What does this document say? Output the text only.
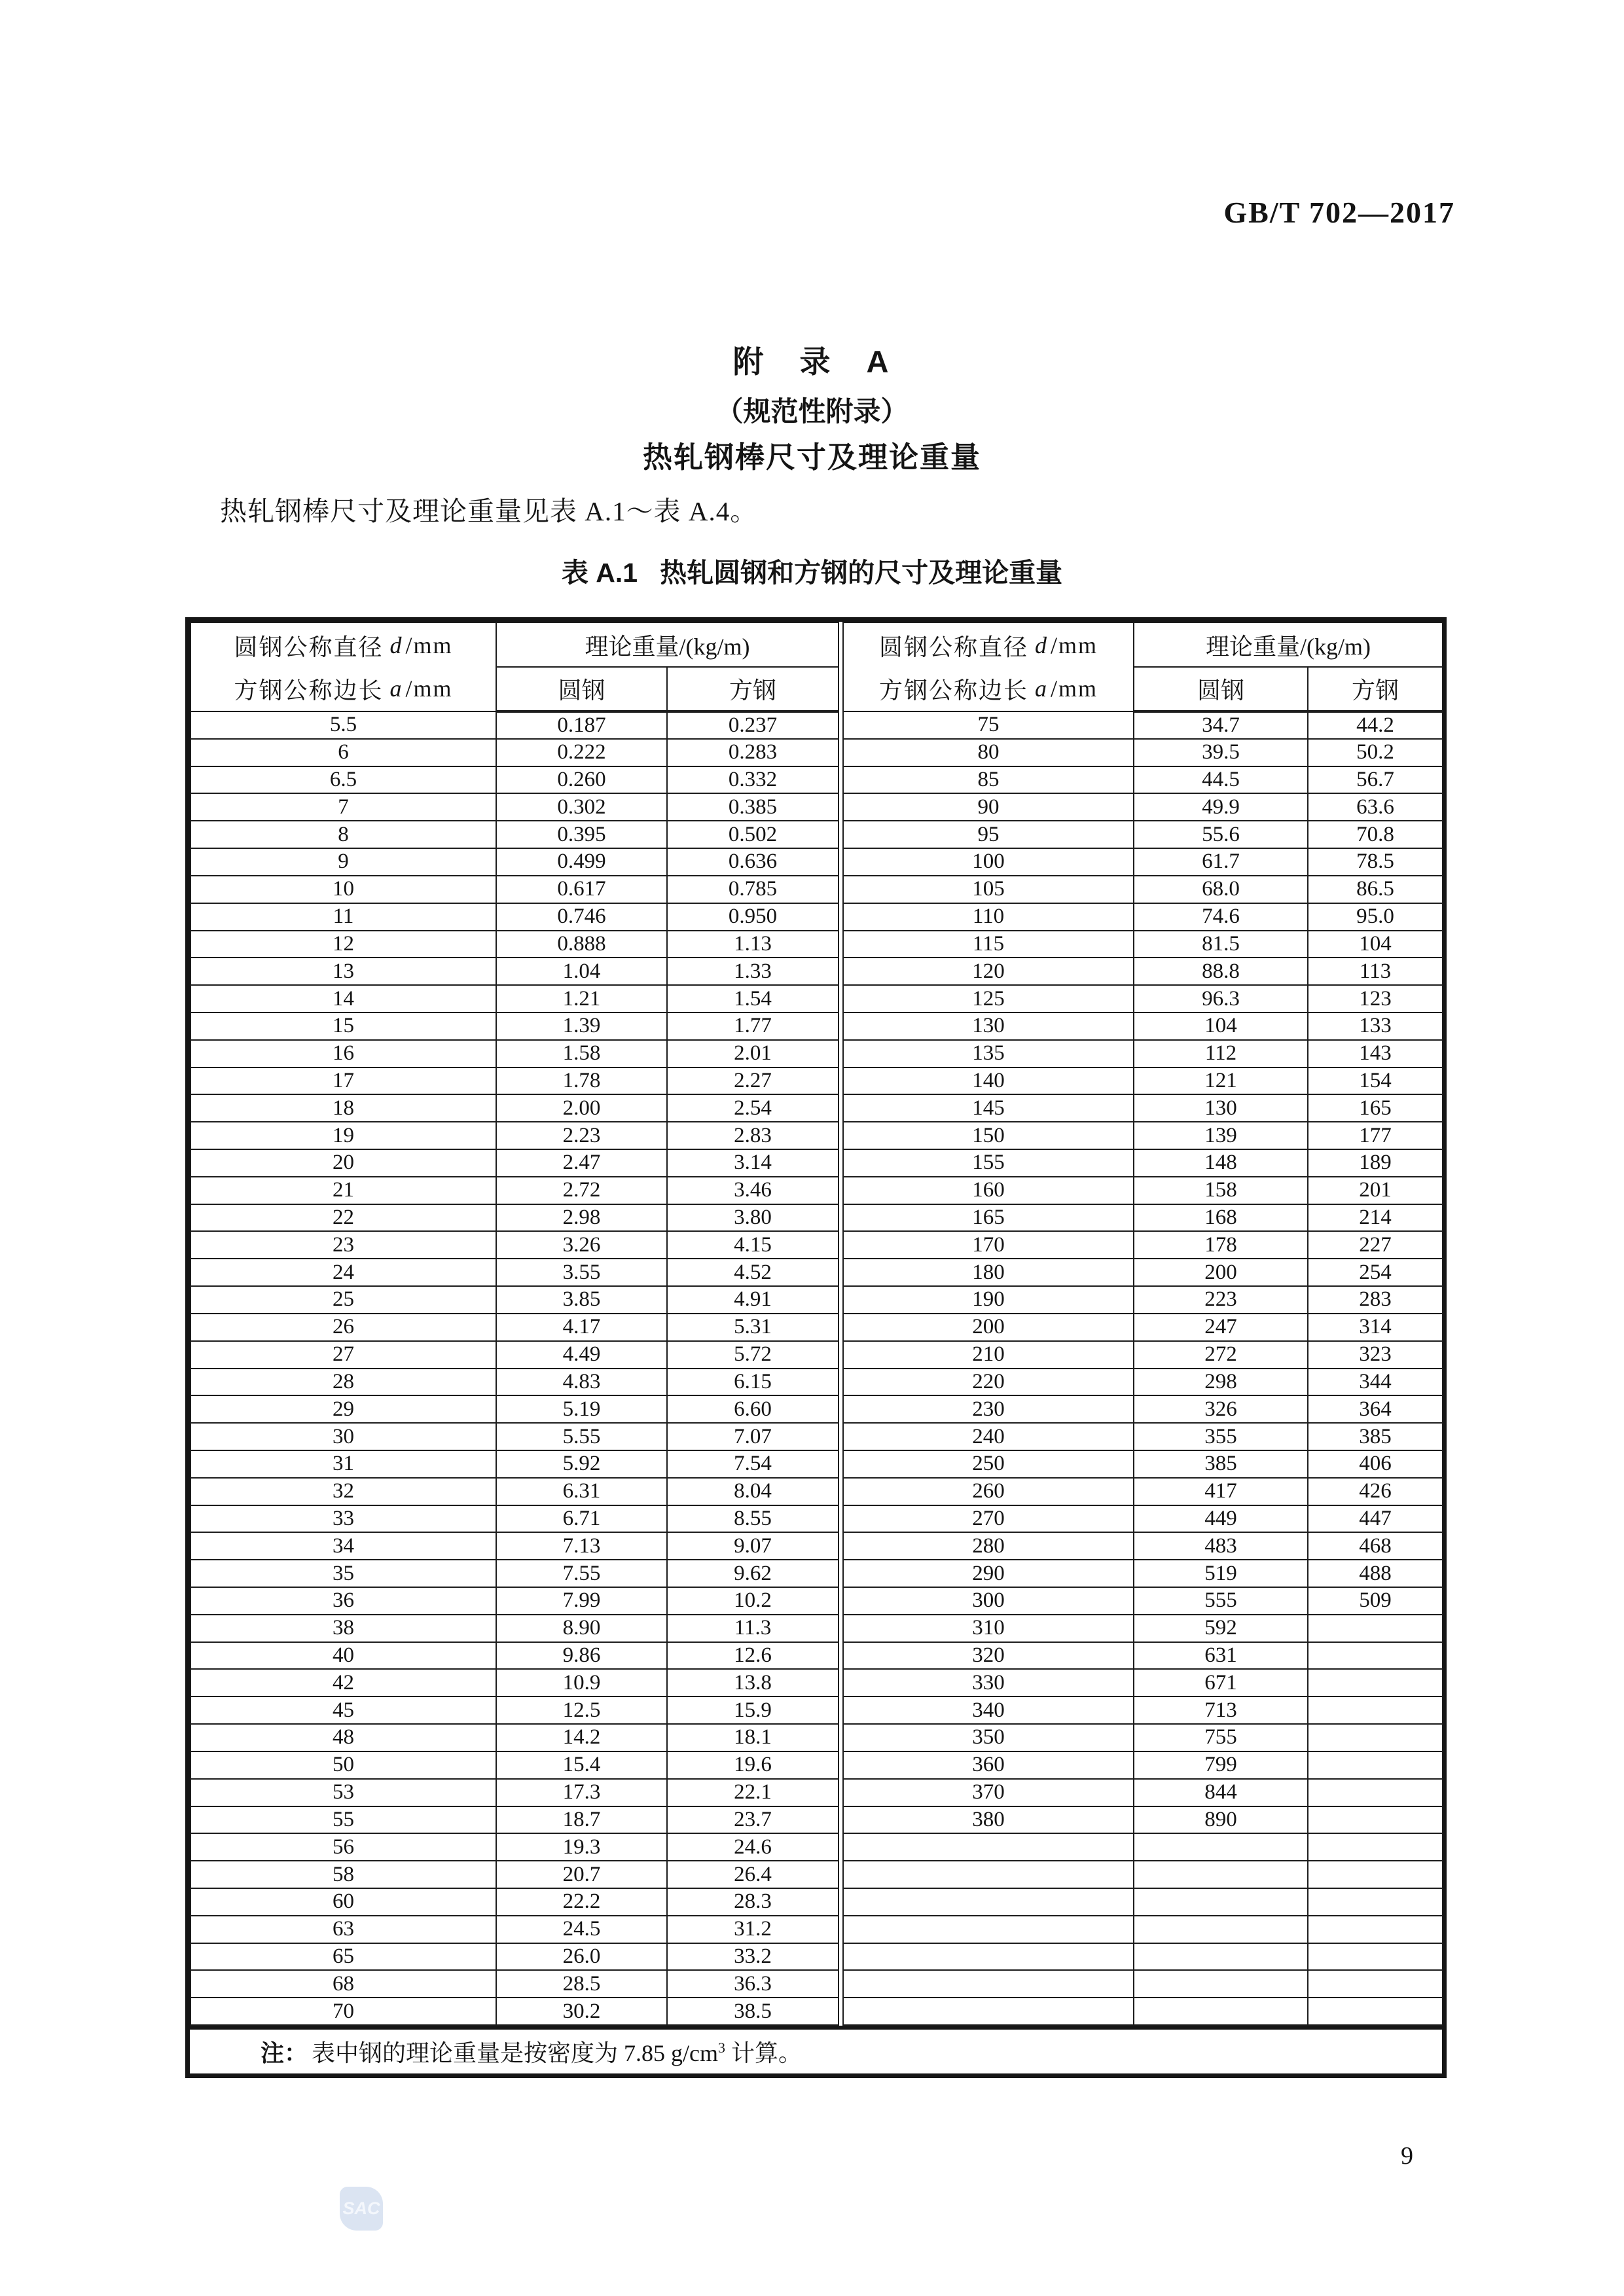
GB/T 702—2017
附　录　A
（规范性附录）
热轧钢棒尺寸及理论重量
热轧钢棒尺寸及理论重量见表 A.1～表 A.4。
表 A.1 热轧圆钢和方钢的尺寸及理论重量
圆钢公称直径 d /mm
方钢公称边长 a /mm
	理论重量/(kg/m)
	圆钢	方钢
5.5	0.187	0.237
6	0.222	0.283
6.5	0.260	0.332
7	0.302	0.385
8	0.395	0.502
9	0.499	0.636
10	0.617	0.785
11	0.746	0.950
12	0.888	1.13
13	1.04	1.33
14	1.21	1.54
15	1.39	1.77
16	1.58	2.01
17	1.78	2.27
18	2.00	2.54
19	2.23	2.83
20	2.47	3.14
21	2.72	3.46
22	2.98	3.80
23	3.26	4.15
24	3.55	4.52
25	3.85	4.91
26	4.17	5.31
27	4.49	5.72
28	4.83	6.15
29	5.19	6.60
30	5.55	7.07
31	5.92	7.54
32	6.31	8.04
33	6.71	8.55
34	7.13	9.07
35	7.55	9.62
36	7.99	10.2
38	8.90	11.3
40	9.86	12.6
42	10.9	13.8
45	12.5	15.9
48	14.2	18.1
50	15.4	19.6
53	17.3	22.1
55	18.7	23.7
56	19.3	24.6
58	20.7	26.4
60	22.2	28.3
63	24.5	31.2
65	26.0	33.2
68	28.5	36.3
70	30.2	38.5
圆钢公称直径 d /mm
方钢公称边长 a /mm
	理论重量/(kg/m)
	圆钢	方钢
75	34.7	44.2
80	39.5	50.2
85	44.5	56.7
90	49.9	63.6
95	55.6	70.8
100	61.7	78.5
105	68.0	86.5
110	74.6	95.0
115	81.5	104
120	88.8	113
125	96.3	123
130	104	133
135	112	143
140	121	154
145	130	165
150	139	177
155	148	189
160	158	201
165	168	214
170	178	227
180	200	254
190	223	283
200	247	314
210	272	323
220	298	344
230	326	364
240	355	385
250	385	406
260	417	426
270	449	447
280	483	468
290	519	488
300	555	509
310	592	
320	631	
330	671	
340	713	
350	755	
360	799	
370	844	
380	890	

注： 表中钢的理论重量是按密度为 7.85 $g/cm^3$ 计算。
SAC
9
